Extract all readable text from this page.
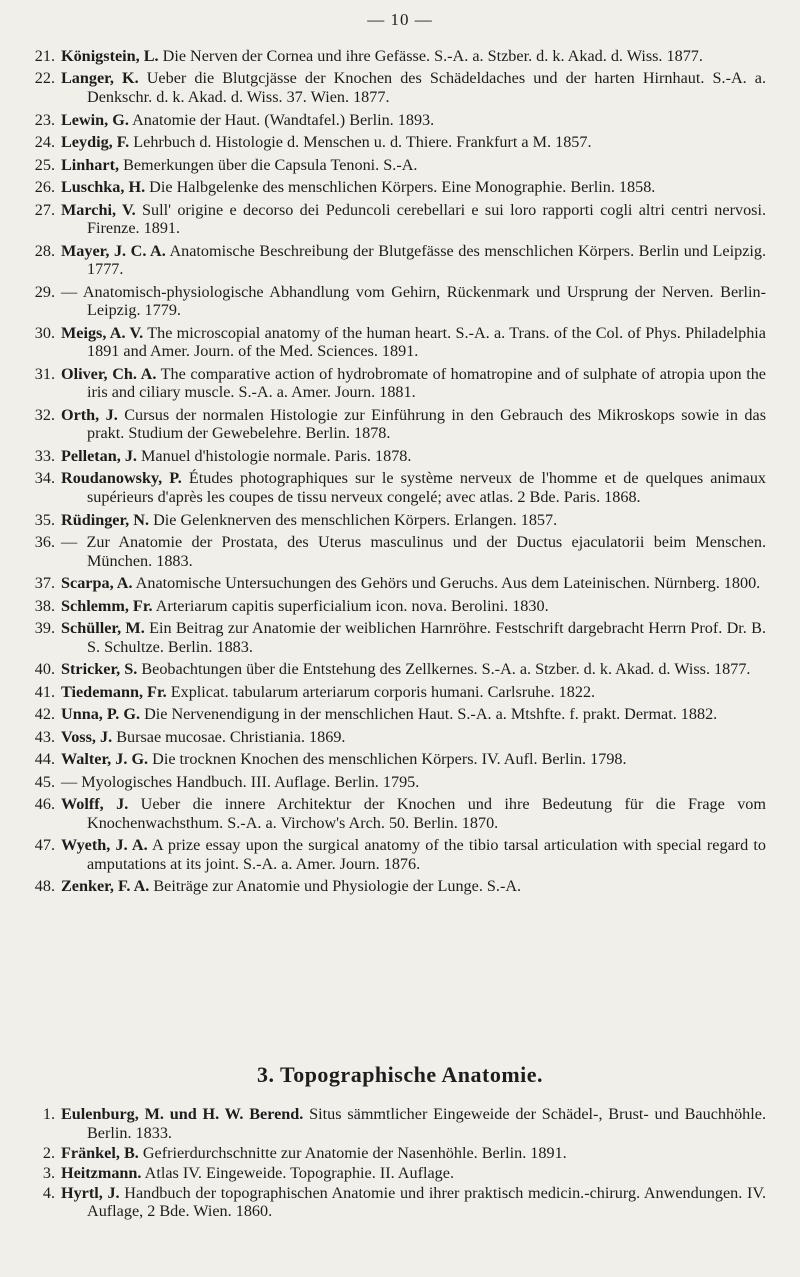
— 10 —
21. Königstein, L. Die Nerven der Cornea und ihre Gefässe. S.-A. a. Stzber. d. k. Akad. d. Wiss. 1877.
22. Langer, K. Ueber die Blutgcjässe der Knochen des Schädeldaches und der harten Hirnhaut. S.-A. a. Denkschr. d. k. Akad. d. Wiss. 37. Wien. 1877.
23. Lewin, G. Anatomie der Haut. (Wandtafel.) Berlin. 1893.
24. Leydig, F. Lehrbuch d. Histologie d. Menschen u. d. Thiere. Frankfurt a M. 1857.
25. Linhart, Bemerkungen über die Capsula Tenoni. S.-A.
26. Luschka, H. Die Halbgelenke des menschlichen Körpers. Eine Monographie. Berlin. 1858.
27. Marchi, V. Sull' origine e decorso dei Peduncoli cerebellari e sui loro rapporti cogli altri centri nervosi. Firenze. 1891.
28. Mayer, J. C. A. Anatomische Beschreibung der Blutgefässe des menschlichen Körpers. Berlin und Leipzig. 1777.
29. — Anatomisch-physiologische Abhandlung vom Gehirn, Rückenmark und Ursprung der Nerven. Berlin-Leipzig. 1779.
30. Meigs, A. V. The microscopial anatomy of the human heart. S.-A. a. Trans. of the Col. of Phys. Philadelphia 1891 and Amer. Journ. of the Med. Sciences. 1891.
31. Oliver, Ch. A. The comparative action of hydrobromate of homatropine and of sulphate of atropia upon the iris and ciliary muscle. S.-A. a. Amer. Journ. 1881.
32. Orth, J. Cursus der normalen Histologie zur Einführung in den Gebrauch des Mikroskops sowie in das prakt. Studium der Gewebelehre. Berlin. 1878.
33. Pelletan, J. Manuel d'histologie normale. Paris. 1878.
34. Roudanowsky, P. Études photographiques sur le système nerveux de l'homme et de quelques animaux supérieurs d'après les coupes de tissu nerveux congelé; avec atlas. 2 Bde. Paris. 1868.
35. Rüdinger, N. Die Gelenknerven des menschlichen Körpers. Erlangen. 1857.
36. — Zur Anatomie der Prostata, des Uterus masculinus und der Ductus ejaculatorii beim Menschen. München. 1883.
37. Scarpa, A. Anatomische Untersuchungen des Gehörs und Geruchs. Aus dem Lateinischen. Nürnberg. 1800.
38. Schlemm, Fr. Arteriarum capitis superficialium icon. nova. Berolini. 1830.
39. Schüller, M. Ein Beitrag zur Anatomie der weiblichen Harnröhre. Festschrift dargebracht Herrn Prof. Dr. B. S. Schultze. Berlin. 1883.
40. Stricker, S. Beobachtungen über die Entstehung des Zellkernes. S.-A. a. Stzber. d. k. Akad. d. Wiss. 1877.
41. Tiedemann, Fr. Explicat. tabularum arteriarum corporis humani. Carlsruhe. 1822.
42. Unna, P. G. Die Nervenendigung in der menschlichen Haut. S.-A. a. Mtshfte. f. prakt. Dermat. 1882.
43. Voss, J. Bursae mucosae. Christiania. 1869.
44. Walter, J. G. Die trocknen Knochen des menschlichen Körpers. IV. Aufl. Berlin. 1798.
45. — Myologisches Handbuch. III. Auflage. Berlin. 1795.
46. Wolff, J. Ueber die innere Architektur der Knochen und ihre Bedeutung für die Frage vom Knochenwachsthum. S.-A. a. Virchow's Arch. 50. Berlin. 1870.
47. Wyeth, J. A. A prize essay upon the surgical anatomy of the tibio tarsal articulation with special regard to amputations at its joint. S.-A. a. Amer. Journ. 1876.
48. Zenker, F. A. Beiträge zur Anatomie und Physiologie der Lunge. S.-A.
3. Topographische Anatomie.
1. Eulenburg, M. und H. W. Berend. Situs sämmtlicher Eingeweide der Schädel-, Brust- und Bauchhöhle. Berlin. 1833.
2. Fränkel, B. Gefrierdurchschnitte zur Anatomie der Nasenhöhle. Berlin. 1891.
3. Heitzmann. Atlas IV. Eingeweide. Topographie. II. Auflage.
4. Hyrtl, J. Handbuch der topographischen Anatomie und ihrer praktisch medicin.-chirurg. Anwendungen. IV. Auflage, 2 Bde. Wien. 1860.
